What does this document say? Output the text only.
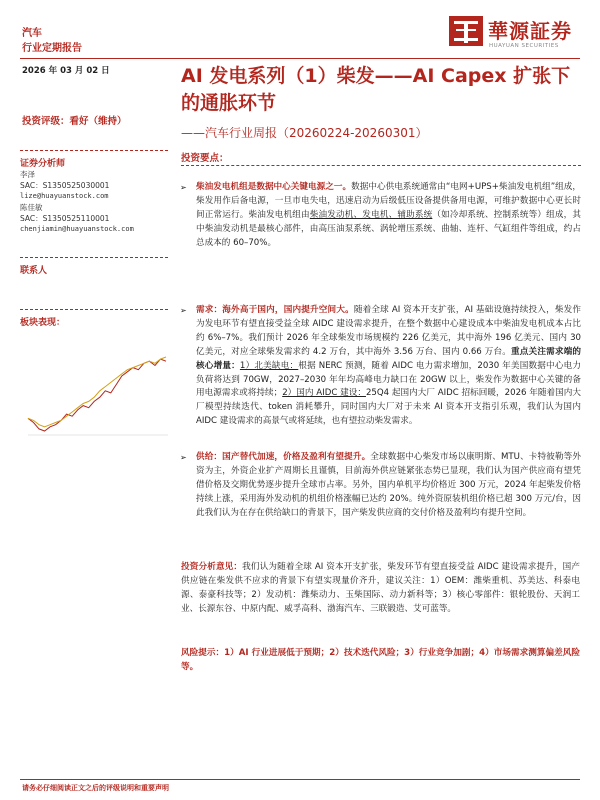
汽车
行业定期报告
華源証券
HUAYUAN SECURITIES
2026 年 03 月 02 日	AI 发电系列（1）柴发——AI Capex 扩张下的通胀环节
——汽车行业周报（20260224-20260301）
投资评级：看好（维持）
证券分析师
李泽
SAC：S1350525030001
lize@huayuanstock.com
陈佳敏
SAC：S1350525110001
chenjiamin@huayuanstock.com
联系人
板块表现：
投资要点：
➢ 柴油发电机组是数据中心关键电源之一。数据中心供电系统通常由“电网+UPS+柴油发电机组”组成，柴发用作后备电源，一旦市电失电，迅速启动为后级低压设备提供备用电源，可维护数据中心更长时间正常运行。柴油发电机组由柴油发动机、发电机、辅助系统（如冷却系统、控制系统等）组成，其中柴油发动机是最核心部件，由高压油泵系统、涡轮增压系统、曲轴、连杆、气缸组件等组成，约占总成本的 60–70%。
➢ 需求：海外高于国内，国内提升空间大。随着全球 AI 资本开支扩张，AI 基础设施持续投入，柴发作为发电环节有望直接受益全球 AIDC 建设需求提升，在整个数据中心建设成本中柴油发电机成本占比约 6%–7%。我们预计 2026 年全球柴发市场规模约 226 亿美元，其中海外 196 亿美元、国内 30 亿美元，对应全球柴发需求约 4.2 万台，其中海外 3.56 万台、国内 0.66 万台。重点关注需求端的核心增量：1）北美缺电：根据 NERC 预测，随着 AIDC 电力需求增加，2030 年美国数据中心电力负荷将达到 70GW，2027–2030 年年均高峰电力缺口在 20GW 以上，柴发作为数据中心关键的备用电源需求或将持续；2）国内 AIDC 建设：25Q4 起国内大厂 AIDC 招标回暖，2026 年随着国内大厂模型持续迭代、token 消耗攀升，同时国内大厂对于未来 AI 资本开支指引乐观，我们认为国内 AIDC 建设需求的高景气或将延续，也有望拉动柴发需求。
➢ 供给：国产替代加速，价格及盈利有望提升。全球数据中心柴发市场以康明斯、MTU、卡特彼勒等外资为主，外资企业扩产周期长且谨慎，目前海外供应链紧张态势已显现，我们认为国产供应商有望凭借价格及交期优势逐步提升全球市占率。另外，国内单机平均价格近 300 万元，2024 年起柴发价格持续上涨，采用海外发动机的机组价格涨幅已达约 20%。纯外资原装机组价格已超 300 万元/台，因此我们认为在存在供给缺口的背景下，国产柴发供应商的交付价格及盈利均有提升空间。
投资分析意见：我们认为随着全球 AI 资本开支扩张，柴发环节有望直接受益 AIDC 建设需求提升，国产供应链在柴发供不应求的背景下有望实现量价齐升，建议关注：1）OEM：潍柴重机、苏美达、科泰电源、泰豪科技等；2）发动机：潍柴动力、玉柴国际、动力新科等；3）核心零部件：银轮股份、天润工业、长源东谷、中原内配、威孚高科、渤海汽车、三联锻造、艾可蓝等。
风险提示：1）AI 行业进展低于预期；2）技术迭代风险；3）行业竞争加剧；4）市场需求测算偏差风险等。
请务必仔细阅读正文之后的评级说明和重要声明
